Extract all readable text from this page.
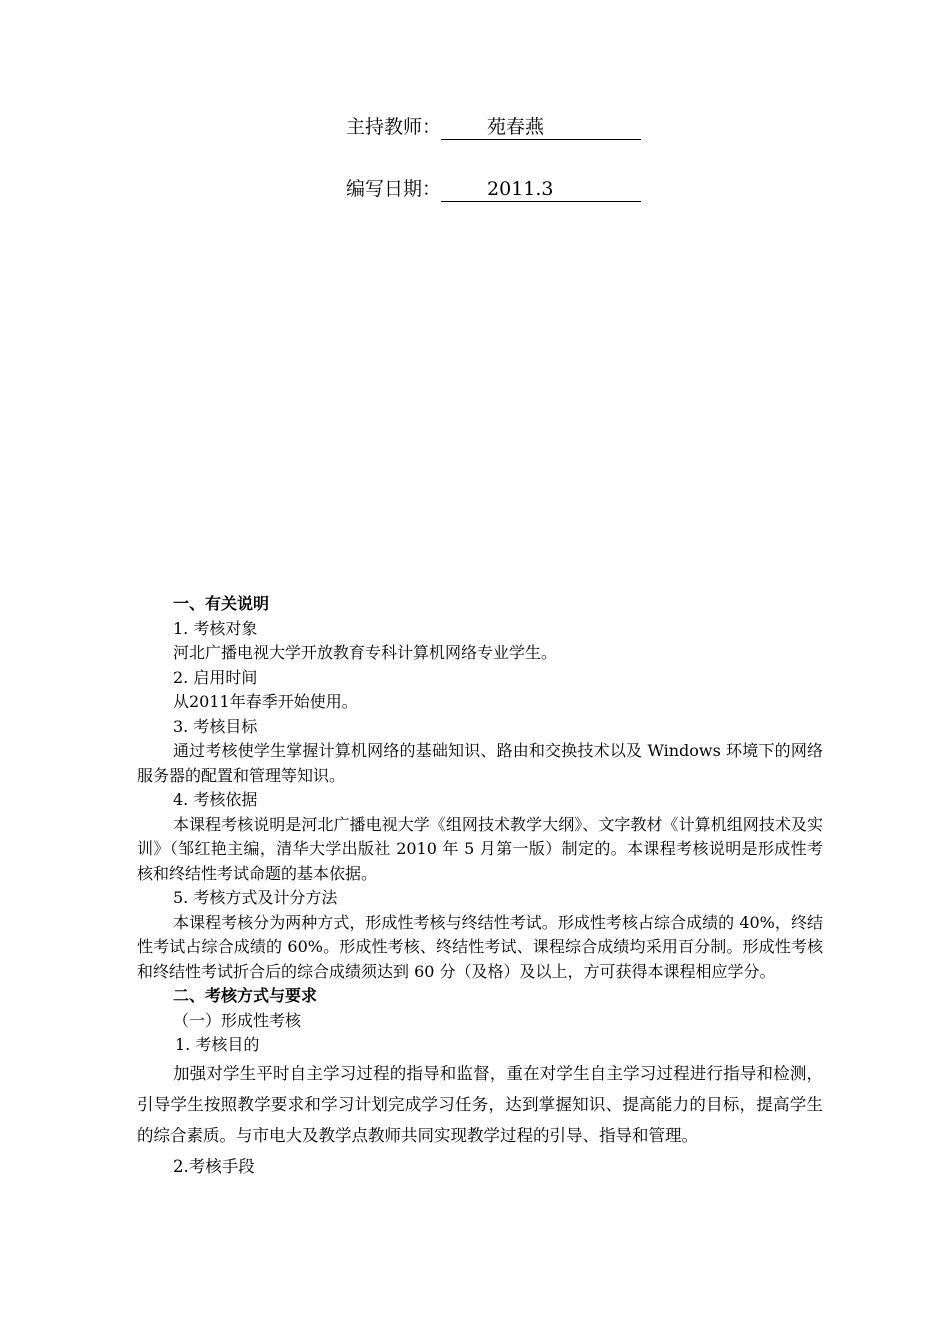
主持教师： 苑春燕
编写日期： 2011.3

一、有关说明

1. 考核对象

河北广播电视大学开放教育专科计算机网络专业学生。

2. 启用时间

从2011年春季开始使用。

3. 考核目标

通过考核使学生掌握计算机网络的基础知识、路由和交换技术以及 Windows 环境下的网络服务器的配置和管理等知识。

4. 考核依据

本课程考核说明是河北广播电视大学《组网技术教学大纲》、文字教材《计算机组网技术及实训》（邹红艳主编，清华大学出版社 2010 年 5 月第一版）制定的。本课程考核说明是形成性考核和终结性考试命题的基本依据。

5. 考核方式及计分方法

本课程考核分为两种方式，形成性考核与终结性考试。形成性考核占综合成绩的 40%，终结性考试占综合成绩的 60%。形成性考核、终结性考试、课程综合成绩均采用百分制。形成性考核和终结性考试折合后的综合成绩须达到 60 分（及格）及以上，方可获得本课程相应学分。

二、考核方式与要求

（一）形成性考核

1. 考核目的

加强对学生平时自主学习过程的指导和监督，重在对学生自主学习过程进行指导和检测，引导学生按照教学要求和学习计划完成学习任务，达到掌握知识、提高能力的目标，提高学生的综合素质。与市电大及教学点教师共同实现教学过程的引导、指导和管理。

2.考核手段
